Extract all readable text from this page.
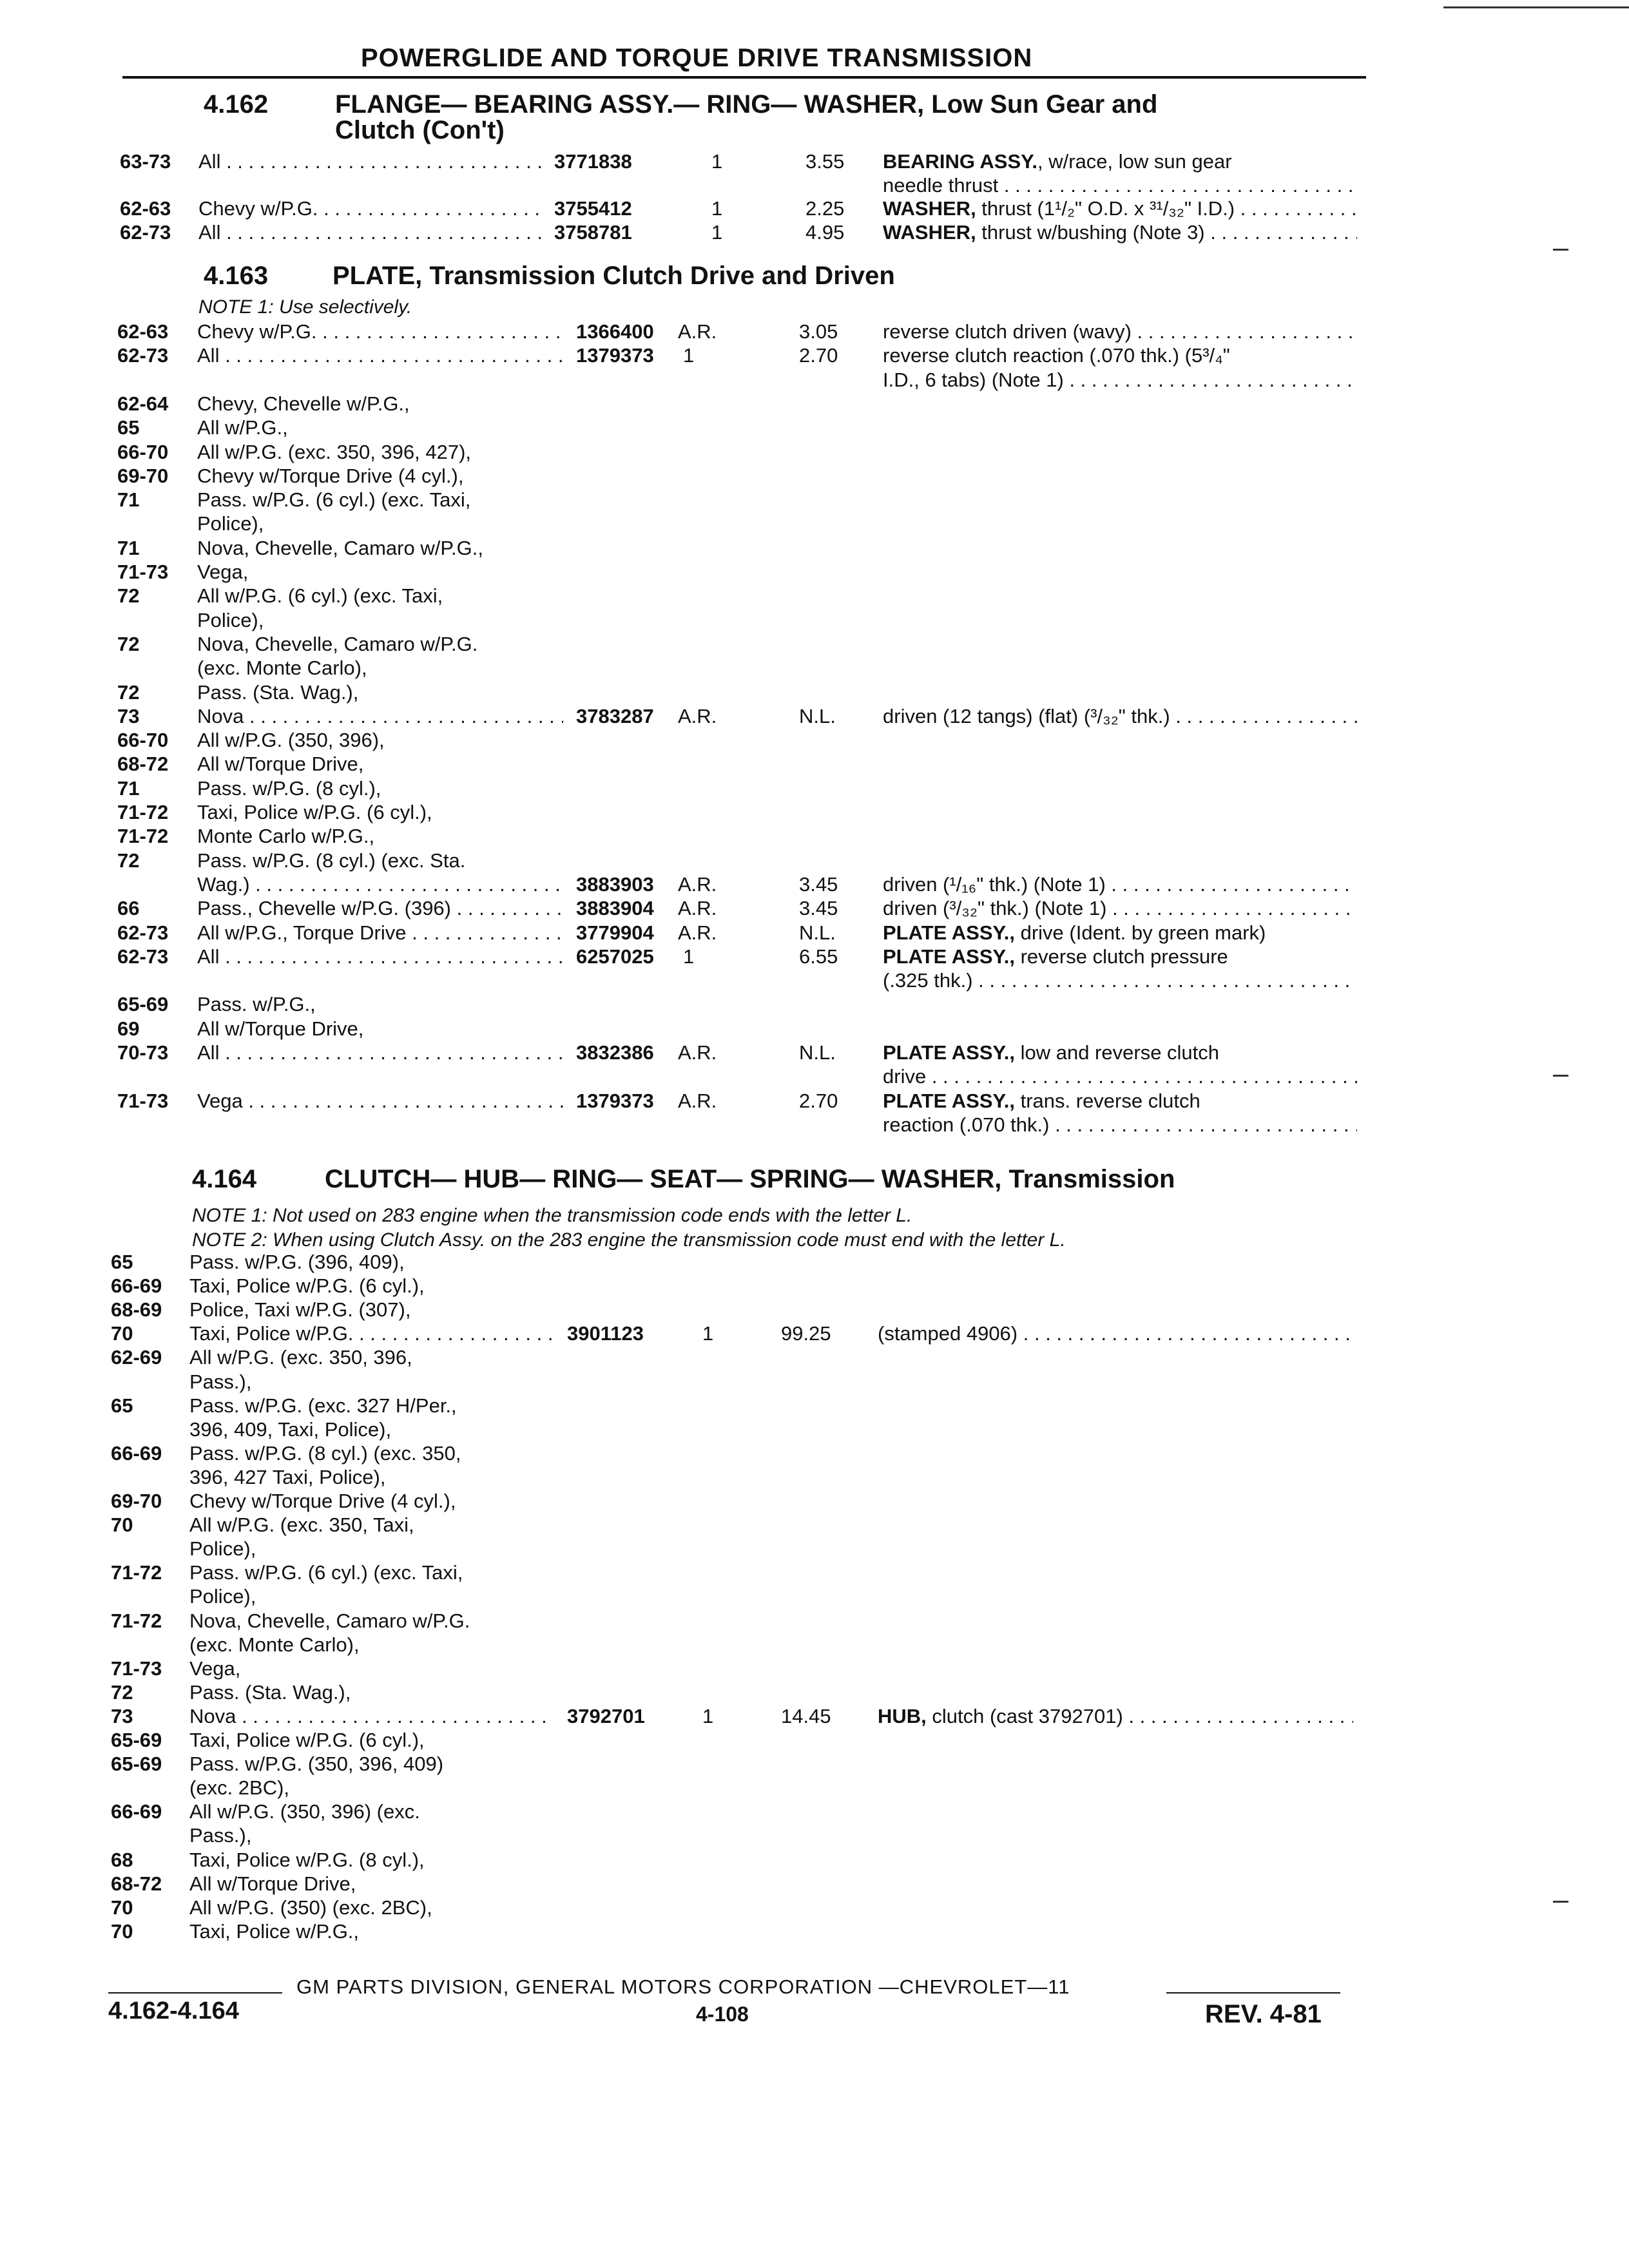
POWERGLIDE AND TORQUE DRIVE TRANSMISSION
4.162	FLANGE— BEARING ASSY.— RING— WASHER, Low Sun Gear and
Clutch (Con't)
63-73 All . . .	3771838	1	3.55 BEARING ASSY., w/race, low sun gear
needle thrust . . .
62-63 Chevy w/P.G. . . .	3755412	1	2.25 WASHER, thrust (1¹/₂" O.D. x ³¹/₃₂" I.D.) . . .
62-73 All . . .	3758781	1	4.95 WASHER, thrust w/bushing (Note 3) . . .
4.163 PLATE, Transmission Clutch Drive and Driven
NOTE 1: Use selectively.
62-63 Chevy w/P.G. . . .	1366400 A.R.	3.05 reverse clutch driven (wavy) . . .
62-73 All . . .	1379373 1	2.70 reverse clutch reaction (.070 thk.) (5³/₄"
I.D., 6 tabs) (Note 1) . . .
62-64 Chevy, Chevelle w/P.G.,
65	All w/P.G.,
66-70 All w/P.G. (exc. 350, 396, 427),
69-70 Chevy w/Torque Drive (4 cyl.),
71	Pass. w/P.G. (6 cyl.) (exc. Taxi,
Police),
71	Nova, Chevelle, Camaro w/P.G.,
71-73 Vega,
72	All w/P.G. (6 cyl.) (exc. Taxi,
Police),
72	Nova, Chevelle, Camaro w/P.G.
(exc. Monte Carlo),
72	Pass. (Sta. Wag.),
73	Nova . . .	3783287 A.R.	N.L. driven (12 tangs) (flat) (³/₃₂" thk.) . . .
66-70 All w/P.G. (350, 396),
68-72 All w/Torque Drive,
71	Pass. w/P.G. (8 cyl.),
71-72 Taxi, Police w/P.G. (6 cyl.),
71-72 Monte Carlo w/P.G.,
72	Pass. w/P.G. (8 cyl.) (exc. Sta.
Wag.) . . .	3883903 A.R.	3.45 driven (¹/₁₆" thk.) (Note 1) . . .
66	Pass., Chevelle w/P.G. (396) . . .	3883904 A.R.	3.45 driven (³/₃₂" thk.) (Note 1) . . .
62-73 All w/P.G., Torque Drive . . .	3779904 A.R.	N.L. PLATE ASSY., drive (Ident. by green mark)
62-73 All . . .	6257025 1	6.55 PLATE ASSY., reverse clutch pressure
(.325 thk.) . . .
65-69 Pass. w/P.G.,
69	All w/Torque Drive,
70-73 All . . .	3832386 A.R.	N.L. PLATE ASSY., low and reverse clutch
drive . . .
71-73 Vega . . .	1379373 A.R.	2.70 PLATE ASSY., trans. reverse clutch
reaction (.070 thk.) . . .
4.164	CLUTCH— HUB— RING— SEAT— SPRING— WASHER, Transmission
NOTE 1: Not used on 283 engine when the transmission code ends with the letter L.
NOTE 2: When using Clutch Assy. on the 283 engine the transmission code must end with the letter L.
65	Pass. w/P.G. (396, 409),
66-69 Taxi, Police w/P.G. (6 cyl.),
68-69 Police, Taxi w/P.G. (307),
70	Taxi, Police w/P.G. . . .	3901123	1	99.25 (stamped 4906) . . .
62-69 All w/P.G. (exc. 350, 396,
Pass.),
65	Pass. w/P.G. (exc. 327 H/Per.,
396, 409, Taxi, Police),
66-69 Pass. w/P.G. (8 cyl.) (exc. 350,
396, 427 Taxi, Police),
69-70 Chevy w/Torque Drive (4 cyl.),
70	All w/P.G. (exc. 350, Taxi,
Police),
71-72 Pass. w/P.G. (6 cyl.) (exc. Taxi,
Police),
71-72 Nova, Chevelle, Camaro w/P.G.
(exc. Monte Carlo),
71-73 Vega,
72	Pass. (Sta. Wag.),
73	Nova . . .	3792701	1	14.45 HUB, clutch (cast 3792701) . . .
65-69 Taxi, Police w/P.G. (6 cyl.),
65-69 Pass. w/P.G. (350, 396, 409)
(exc. 2BC),
66-69 All w/P.G. (350, 396) (exc.
Pass.),
68	Taxi, Police w/P.G. (8 cyl.),
68-72 All w/Torque Drive,
70	All w/P.G. (350) (exc. 2BC),
70	Taxi, Police w/P.G.,
GM PARTS DIVISION, GENERAL MOTORS CORPORATION —CHEVROLET—11
4.162-4.164	4-108	REV. 4-81
